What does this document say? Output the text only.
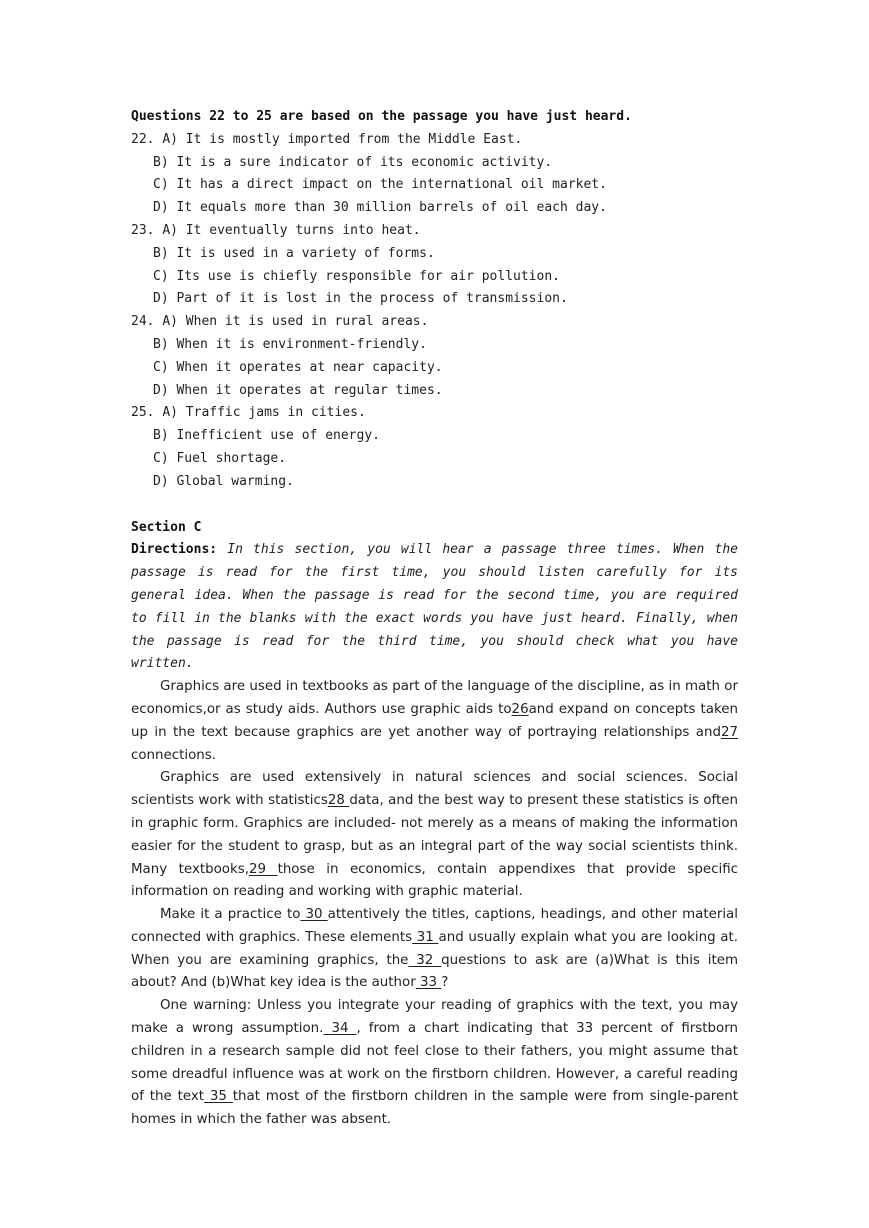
Questions 22 to 25 are based on the passage you have just heard.
22. A) It is mostly imported from the Middle East.
B) It is a sure indicator of its economic activity.
C) It has a direct impact on the international oil market.
D) It equals more than 30 million barrels of oil each day.
23. A) It eventually turns into heat.
B) It is used in a variety of forms.
C) Its use is chiefly responsible for air pollution.
D) Part of it is lost in the process of transmission.
24. A) When it is used in rural areas.
B) When it is environment-friendly.
C) When it operates at near capacity.
D) When it operates at regular times.
25. A) Traffic jams in cities.
B) Inefficient use of energy.
C) Fuel shortage.
D) Global warming.
Section C
Directions: In this section, you will hear a passage three times. When the passage is read for the first time, you should listen carefully for its general idea. When the passage is read for the second time, you are required to fill in the blanks with the exact words you have just heard. Finally, when the passage is read for the third time, you should check what you have written.
Graphics are used in textbooks as part of the language of the discipline, as in math or economics,or as study aids. Authors use graphic aids to26and expand on concepts taken up in the text because graphics are yet another way of portraying relationships and27 connections.
Graphics are used extensively in natural sciences and social sciences. Social scientists work with statistics28 data, and the best way to present these statistics is often in graphic form. Graphics are included- not merely as a means of making the information easier for the student to grasp, but as an integral part of the way social scientists think. Many textbooks,29 those in economics, contain appendixes that provide specific information on reading and working with graphic material.
Make it a practice to 30 attentively the titles, captions, headings, and other material connected with graphics. These elements 31 and usually explain what you are looking at. When you are examining graphics, the 32 questions to ask are (a)What is this item about? And (b)What key idea is the author 33 ?
One warning: Unless you integrate your reading of graphics with the text, you may make a wrong assumption. 34 , from a chart indicating that 33 percent of firstborn children in a research sample did not feel close to their fathers, you might assume that some dreadful influence was at work on the firstborn children. However, a careful reading of the text 35 that most of the firstborn children in the sample were from single-parent homes in which the father was absent.
